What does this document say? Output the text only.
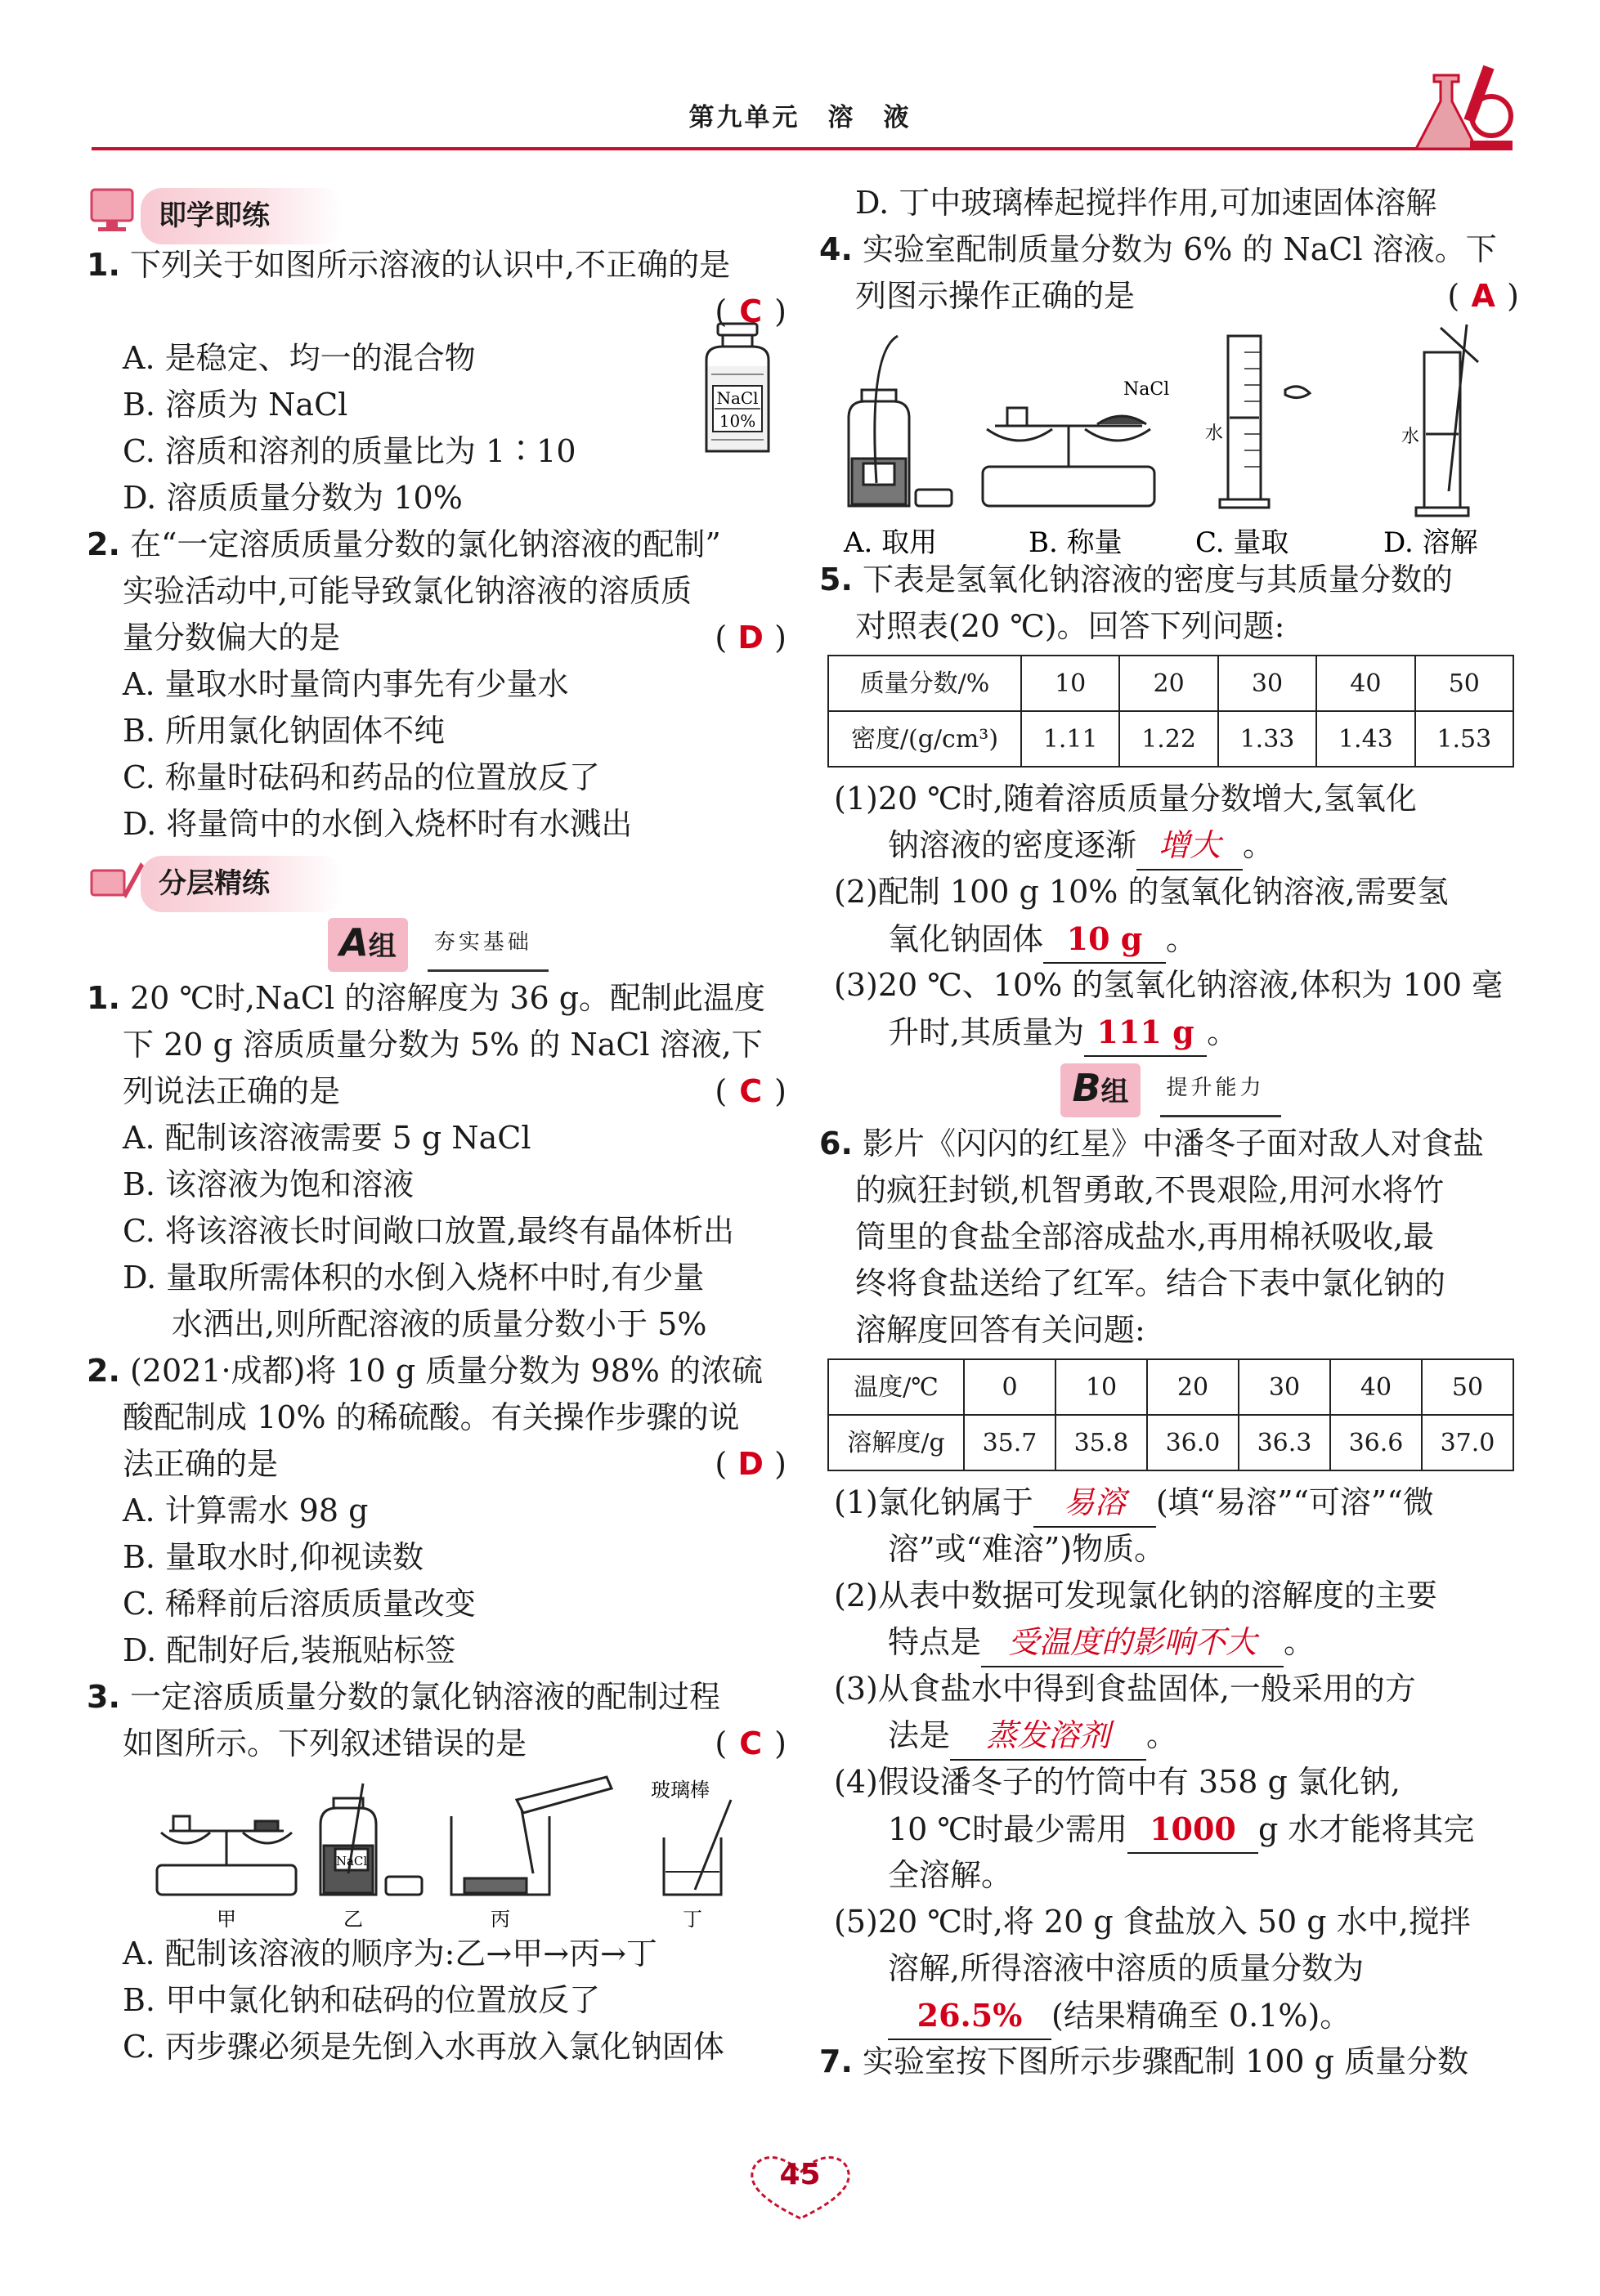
第九单元　溶　液
即学即练
1. 下列关于如图所示溶液的认识中,不正确的是
( C )
A. 是稳定、均一的混合物
B. 溶质为 NaCl
C. 溶质和溶剂的质量比为 1∶10
D. 溶质质量分数为 10%
NaCl
10%
2. 在“一定溶质质量分数的氯化钠溶液的配制”
实验活动中,可能导致氯化钠溶液的溶质质
量分数偏大的是	( D )
A. 量取水时量筒内事先有少量水
B. 所用氯化钠固体不纯
C. 称量时砝码和药品的位置放反了
D. 将量筒中的水倒入烧杯时有水溅出
分层精练
A组	夯实基础
1. 20 ℃时,NaCl 的溶解度为 36 g。配制此温度
下 20 g 溶质质量分数为 5% 的 NaCl 溶液,下
列说法正确的是	( C )
A. 配制该溶液需要 5 g NaCl
B. 该溶液为饱和溶液
C. 将该溶液长时间敞口放置,最终有晶体析出
D. 量取所需体积的水倒入烧杯中时,有少量
水洒出,则所配溶液的质量分数小于 5%
2. (2021·成都)将 10 g 质量分数为 98% 的浓硫
酸配制成 10% 的稀硫酸。有关操作步骤的说
法正确的是	( D )
A. 计算需水 98 g
B. 量取水时,仰视读数
C. 稀释前后溶质质量改变
D. 配制好后,装瓶贴标签
3. 一定溶质质量分数的氯化钠溶液的配制过程
如图所示。下列叙述错误的是	( C )
NaCl
玻璃棒
甲	乙	丙	丁
A. 配制该溶液的顺序为:乙→甲→丙→丁
B. 甲中氯化钠和砝码的位置放反了
C. 丙步骤必须是先倒入水再放入氯化钠固体
D. 丁中玻璃棒起搅拌作用,可加速固体溶解
4. 实验室配制质量分数为 6% 的 NaCl 溶液。下
列图示操作正确的是	( A )
NaCl
水	水
A. 取用	B. 称量	C. 量取	D. 溶解
5. 下表是氢氧化钠溶液的密度与其质量分数的
对照表(20 ℃)。回答下列问题:
质量分数/%	10	20	30	40	50
密度/(g/cm³)	1.11	1.22	1.33	1.43	1.53
(1)20 ℃时,随着溶质质量分数增大,氢氧化
钠溶液的密度逐渐 增大 。
(2)配制 100 g 10% 的氢氧化钠溶液,需要氢
氧化钠固体 10 g 。
(3)20 ℃、10% 的氢氧化钠溶液,体积为 100 毫
升时,其质量为 111 g 。
B组	提升能力
6. 影片《闪闪的红星》中潘冬子面对敌人对食盐
的疯狂封锁,机智勇敢,不畏艰险,用河水将竹
筒里的食盐全部溶成盐水,再用棉袄吸收,最
终将食盐送给了红军。结合下表中氯化钠的
溶解度回答有关问题:
温度/℃	0	10	20	30	40	50
溶解度/g	35.7	35.8	36.0	36.3	36.6	37.0
(1)氯化钠属于 易溶 (填“易溶”“可溶”“微
溶”或“难溶”)物质。
(2)从表中数据可发现氯化钠的溶解度的主要
特点是 受温度的影响不大 。
(3)从食盐水中得到食盐固体,一般采用的方
法是 蒸发溶剂 。
(4)假设潘冬子的竹筒中有 358 g 氯化钠,
10 ℃时最少需用 1000 g 水才能将其完
全溶解。
(5)20 ℃时,将 20 g 食盐放入 50 g 水中,搅拌
溶解,所得溶液中溶质的质量分数为
26.5% (结果精确至 0.1%)。
7. 实验室按下图所示步骤配制 100 g 质量分数
45
